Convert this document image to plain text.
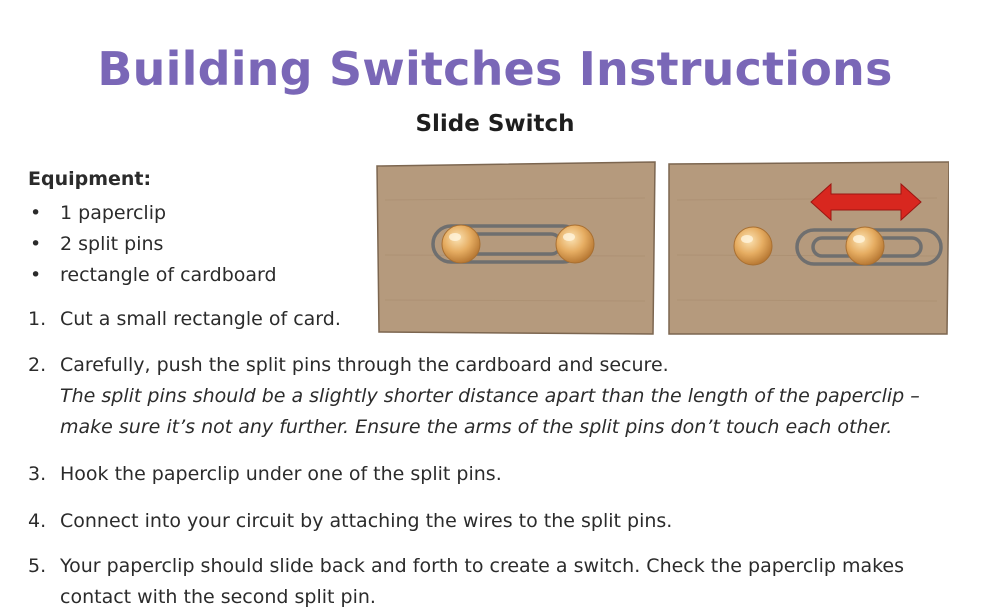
Building Switches Instructions
Slide Switch
Equipment:
• 1 paperclip
• 2 split pins
• rectangle of cardboard
1. Cut a small rectangle of card.
2. Carefully, push the split pins through the cardboard and secure.
The split pins should be a slightly shorter distance apart than the length of the paperclip – make sure it’s not any further. Ensure the arms of the split pins don’t touch each other.
3. Hook the paperclip under one of the split pins.
4. Connect into your circuit by attaching the wires to the split pins.
5. Your paperclip should slide back and forth to create a switch. Check the paperclip makes contact with the second split pin.
